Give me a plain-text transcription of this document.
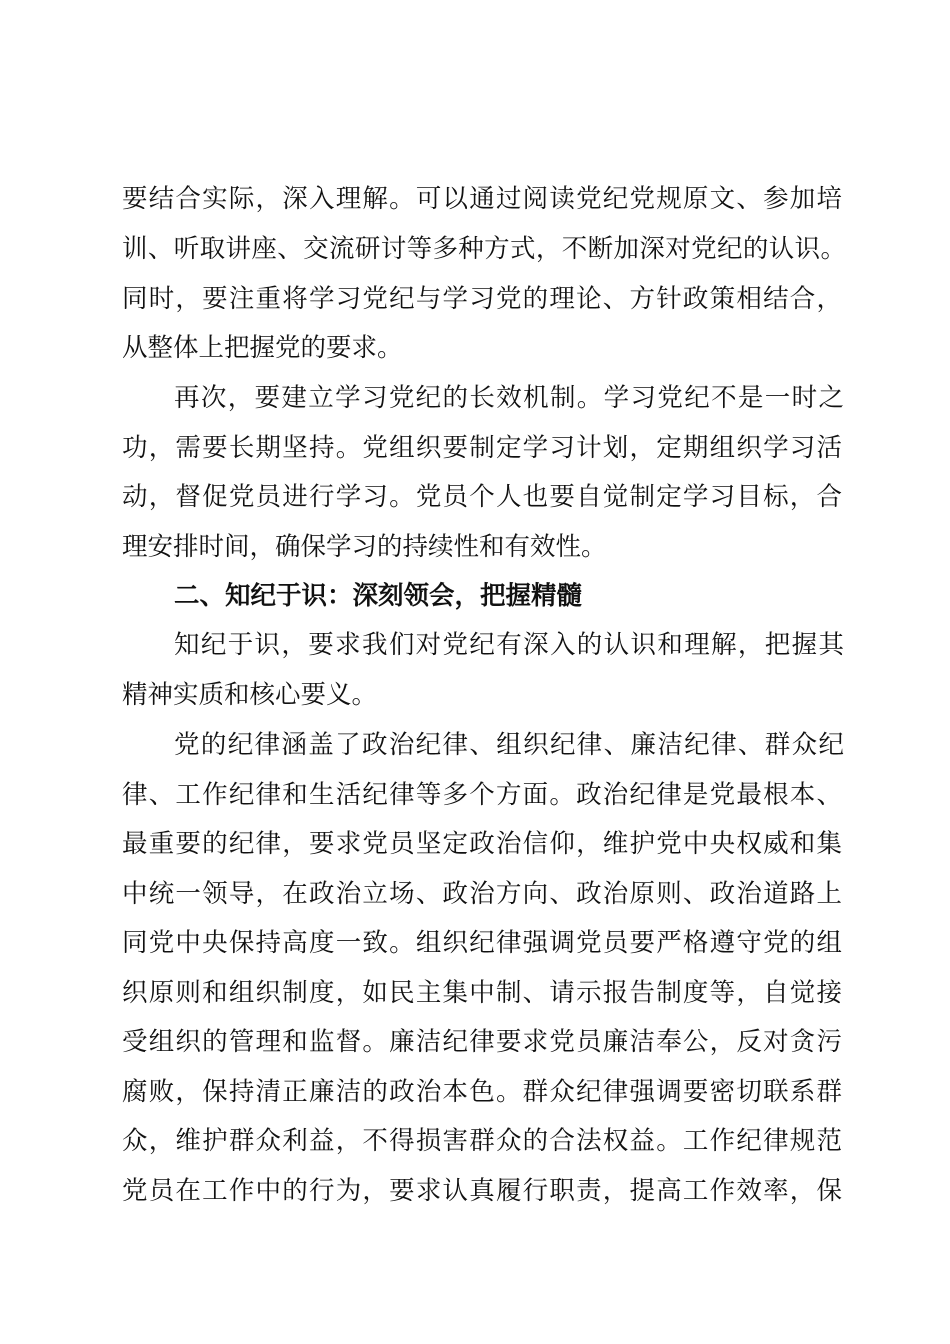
要结合实际，深入理解。可以通过阅读党纪党规原文、参加培
训、听取讲座、交流研讨等多种方式，不断加深对党纪的认识。
同时，要注重将学习党纪与学习党的理论、方针政策相结合，
从整体上把握党的要求。
再次，要建立学习党纪的长效机制。学习党纪不是一时之
功，需要长期坚持。党组织要制定学习计划，定期组织学习活
动，督促党员进行学习。党员个人也要自觉制定学习目标，合
理安排时间，确保学习的持续性和有效性。
二、知纪于识：深刻领会，把握精髓
知纪于识，要求我们对党纪有深入的认识和理解，把握其
精神实质和核心要义。
党的纪律涵盖了政治纪律、组织纪律、廉洁纪律、群众纪
律、工作纪律和生活纪律等多个方面。政治纪律是党最根本、
最重要的纪律，要求党员坚定政治信仰，维护党中央权威和集
中统一领导，在政治立场、政治方向、政治原则、政治道路上
同党中央保持高度一致。组织纪律强调党员要严格遵守党的组
织原则和组织制度，如民主集中制、请示报告制度等，自觉接
受组织的管理和监督。廉洁纪律要求党员廉洁奉公，反对贪污
腐败，保持清正廉洁的政治本色。群众纪律强调要密切联系群
众，维护群众利益，不得损害群众的合法权益。工作纪律规范
党员在工作中的行为，要求认真履行职责，提高工作效率，保
